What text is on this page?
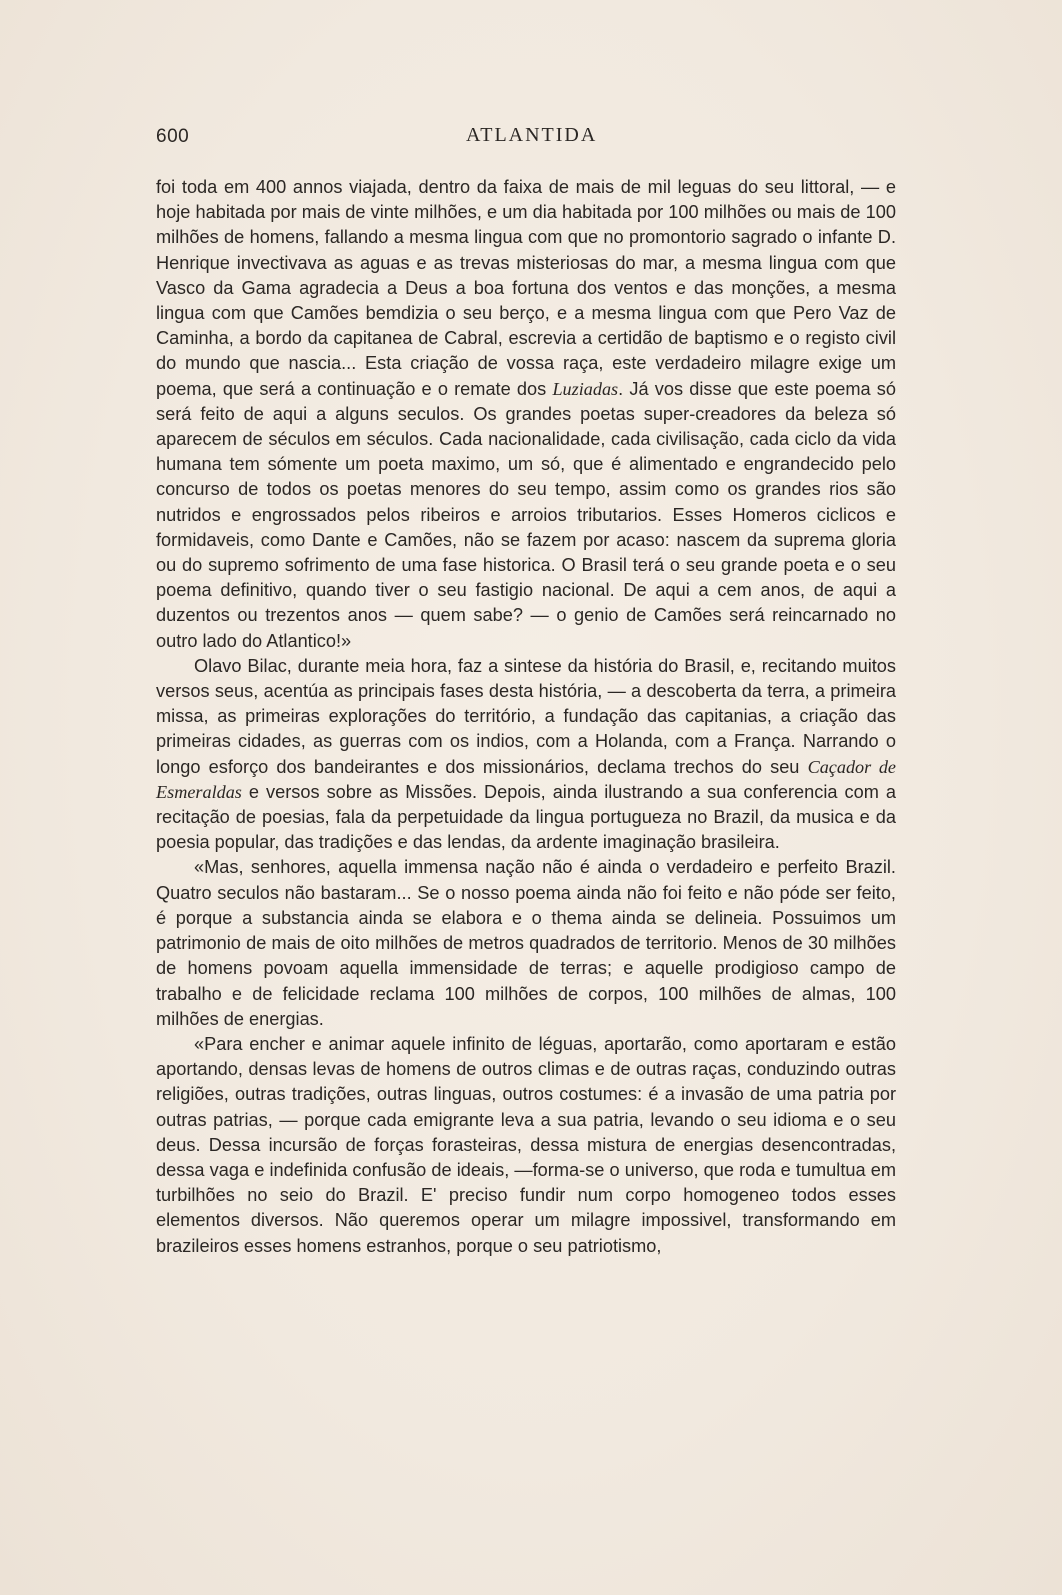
600	ATLANTIDA

foi toda em 400 annos viajada, dentro da faixa de mais de mil leguas do seu littoral, — e hoje habitada por mais de vinte milhões, e um dia habitada por 100 milhões ou mais de 100 milhões de homens, fallando a mesma lingua com que no promontorio sagrado o infante D. Henrique invectivava as aguas e as trevas misteriosas do mar, a mesma lingua com que Vasco da Gama agradecia a Deus a boa fortuna dos ventos e das monções, a mesma lingua com que Camões bemdizia o seu berço, e a mesma lingua com que Pero Vaz de Caminha, a bordo da capitanea de Cabral, escrevia a certidão de baptismo e o registo civil do mundo que nascia... Esta criação de vossa raça, este verdadeiro milagre exige um poema, que será a continuação e o remate dos Luziadas. Já vos disse que este poema só será feito de aqui a alguns seculos. Os grandes poetas super-creadores da beleza só aparecem de séculos em séculos. Cada nacionalidade, cada civilisação, cada ciclo da vida humana tem sómente um poeta maximo, um só, que é alimentado e engrandecido pelo concurso de todos os poetas menores do seu tempo, assim como os grandes rios são nutridos e engrossados pelos ribeiros e arroios tributarios. Esses Homeros ciclicos e formidaveis, como Dante e Camões, não se fazem por acaso: nascem da suprema gloria ou do supremo sofrimento de uma fase historica. O Brasil terá o seu grande poeta e o seu poema definitivo, quando tiver o seu fastigio nacional. De aqui a cem anos, de aqui a duzentos ou trezentos anos — quem sabe? — o genio de Camões será reincarnado no outro lado do Atlantico!»

Olavo Bilac, durante meia hora, faz a sintese da história do Brasil, e, recitando muitos versos seus, acentúa as principais fases desta história, — a descoberta da terra, a primeira missa, as primeiras explorações do território, a fundação das capitanias, a criação das primeiras cidades, as guerras com os indios, com a Holanda, com a França. Narrando o longo esforço dos bandeirantes e dos missionários, declama trechos do seu Caçador de Esmeraldas e versos sobre as Missões. Depois, ainda ilustrando a sua conferencia com a recitação de poesias, fala da perpetuidade da lingua portugueza no Brazil, da musica e da poesia popular, das tradições e das lendas, da ardente imaginação brasileira.

«Mas, senhores, aquella immensa nação não é ainda o verdadeiro e perfeito Brazil. Quatro seculos não bastaram... Se o nosso poema ainda não foi feito e não póde ser feito, é porque a substancia ainda se elabora e o thema ainda se delineia. Possuimos um patrimonio de mais de oito milhões de metros quadrados de territorio. Menos de 30 milhões de homens povoam aquella immensidade de terras; e aquelle prodigioso campo de trabalho e de felicidade reclama 100 milhões de corpos, 100 milhões de almas, 100 milhões de energias.

«Para encher e animar aquele infinito de léguas, aportarão, como aportaram e estão aportando, densas levas de homens de outros climas e de outras raças, conduzindo outras religiões, outras tradições, outras linguas, outros costumes: é a invasão de uma patria por outras patrias, — porque cada emigrante leva a sua patria, levando o seu idioma e o seu deus. Dessa incursão de forças forasteiras, dessa mistura de energias desencontradas, dessa vaga e indefinida confusão de ideais, —forma-se o universo, que roda e tumultua em turbilhões no seio do Brazil. E' preciso fundir num corpo homogeneo todos esses elementos diversos. Não queremos operar um milagre impossivel, transformando em brazileiros esses homens estranhos, porque o seu patriotismo,
